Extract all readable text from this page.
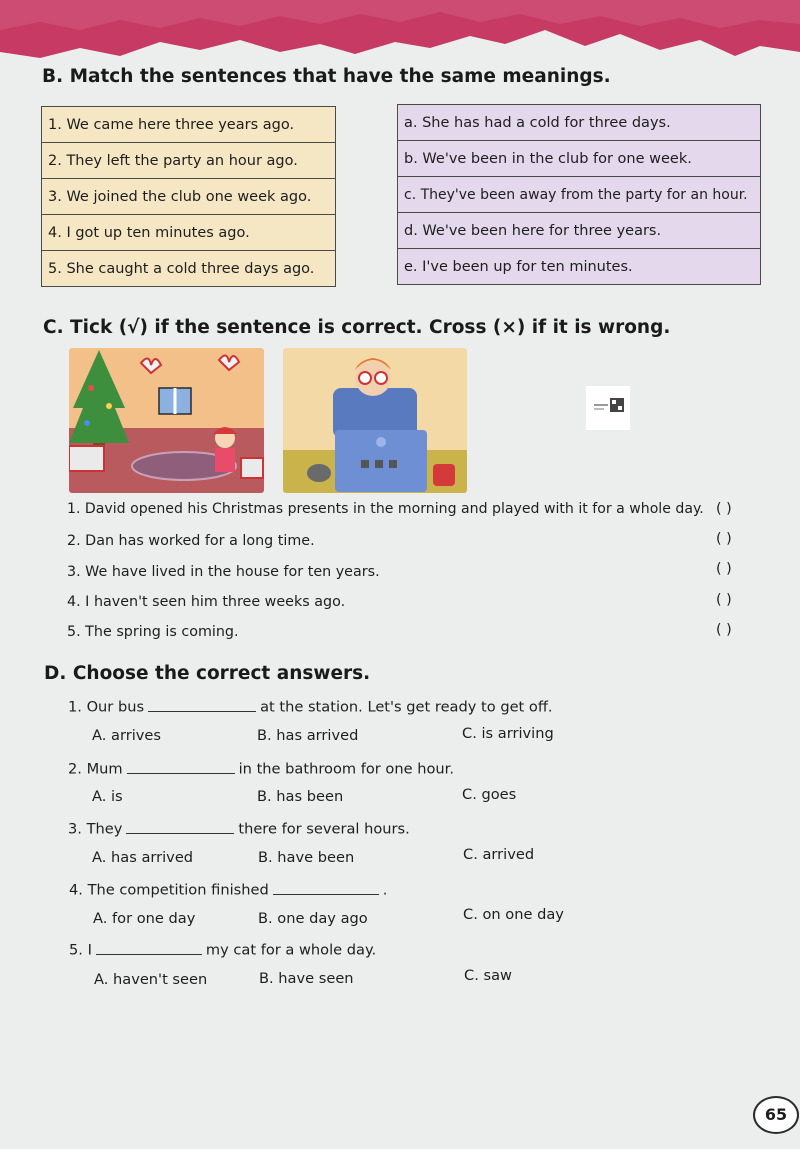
B. Match the sentences that have the same meanings.
1. We came here three years ago.
2. They left the party an hour ago.
3. We joined the club one week ago.
4. I got up ten minutes ago.
5. She caught a cold three days ago.
a. She has had a cold for three days.
b. We've been in the club for one week.
c. They've been away from the party for an hour.
d. We've been here for three years.
e. I've been up for ten minutes.
C. Tick (√) if the sentence is correct. Cross (×) if it is wrong.
1. David opened his Christmas presents in the morning and played with it for a whole day. ( )
2. Dan has worked for a long time.	( )
3. We have lived in the house for ten years.	( )
4. I haven't seen him three weeks ago.	( )
5. The spring is coming.	( )
D. Choose the correct answers.
1. Our bus	at the station. Let's get ready to get off.
A. arrives	B. has arrived	C. is arriving
2. Mum	in the bathroom for one hour.
A. is	B. has been	C. goes
3. They	there for several hours.
A. has arrived	B. have been	C. arrived
4. The competition finished	.
A. for one day	B. one day ago	C. on one day
5. I	my cat for a whole day.
A. haven't seen	B. have seen	C. saw
65
